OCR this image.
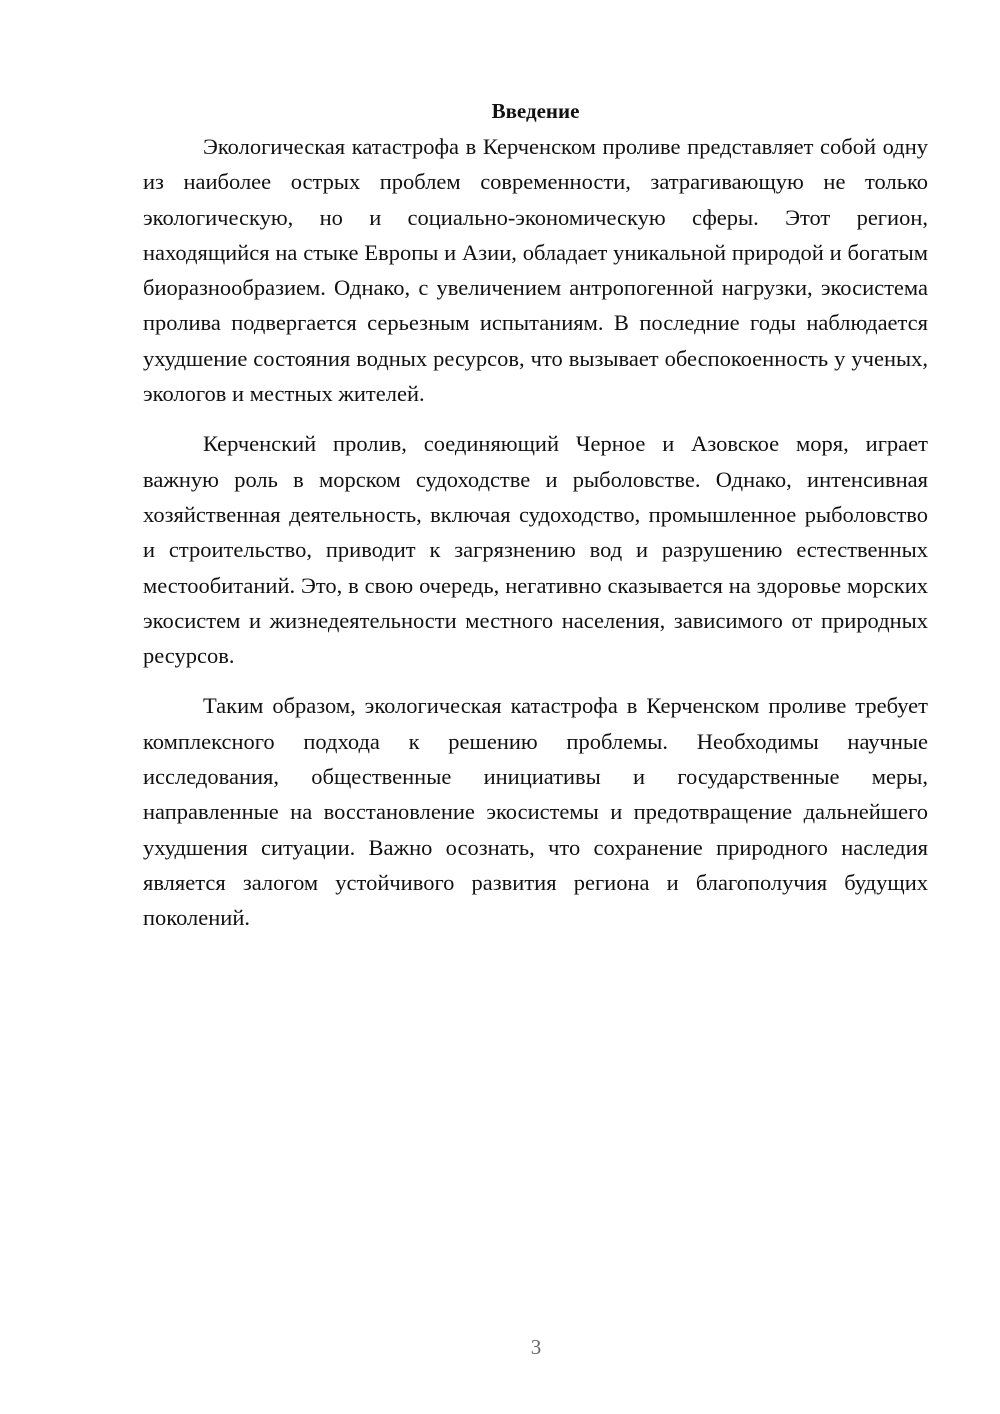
Введение

Экологическая катастрофа в Керченском проливе представляет собой одну из наиболее острых проблем современности, затрагивающую не только экологическую, но и социально-экономическую сферы. Этот регион, находящийся на стыке Европы и Азии, обладает уникальной природой и богатым биоразнообразием. Однако, с увеличением антропогенной нагрузки, экосистема пролива подвергается серьезным испытаниям. В последние годы наблюдается ухудшение состояния водных ресурсов, что вызывает обеспокоенность у ученых, экологов и местных жителей.

Керченский пролив, соединяющий Черное и Азовское моря, играет важную роль в морском судоходстве и рыболовстве. Однако, интенсивная хозяйственная деятельность, включая судоходство, промышленное рыболовство и строительство, приводит к загрязнению вод и разрушению естественных местообитаний. Это, в свою очередь, негативно сказывается на здоровье морских экосистем и жизнедеятельности местного населения, зависимого от природных ресурсов.

Таким образом, экологическая катастрофа в Керченском проливе требует комплексного подхода к решению проблемы. Необходимы научные исследования, общественные инициативы и государственные меры, направленные на восстановление экосистемы и предотвращение дальнейшего ухудшения ситуации. Важно осознать, что сохранение природного наследия является залогом устойчивого развития региона и благополучия будущих поколений.

3
